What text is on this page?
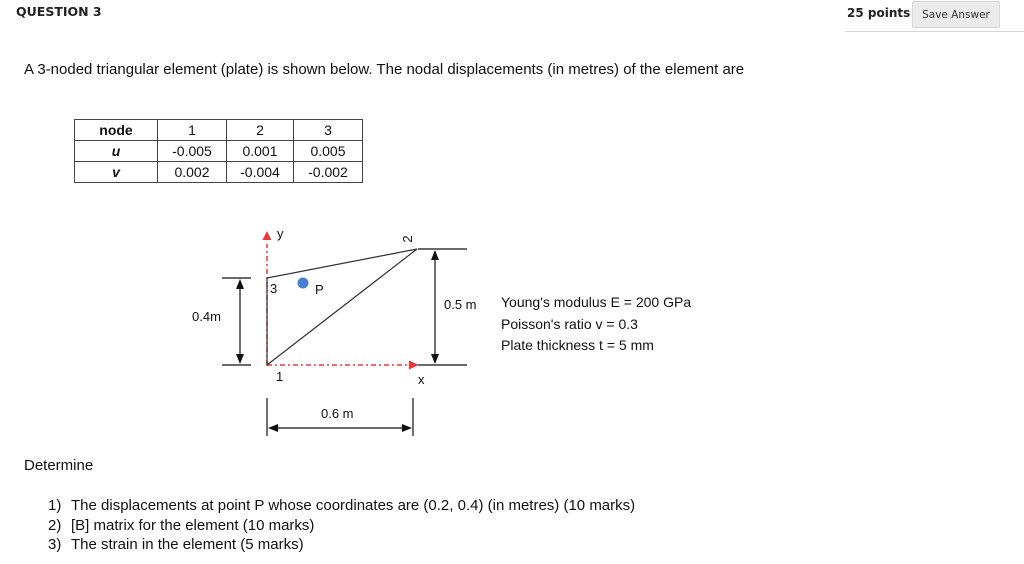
QUESTION 3	25 points	Save Answer
A 3-noded triangular element (plate) is shown below. The nodal displacements (in metres) of the element are
node	1	2	3
u	-0.005	0.001	0.005
v	0.002	-0.004	-0.002
y
x
1
3
2
P
0.4m
0.5 m
0.6 m
Young's modulus E = 200 GPa
Poisson's ratio v = 0.3
Plate thickness t = 5 mm
Determine
1) The displacements at point P whose coordinates are (0.2, 0.4) (in metres) (10 marks)
2) [B] matrix for the element (10 marks)
3) The strain in the element (5 marks)
